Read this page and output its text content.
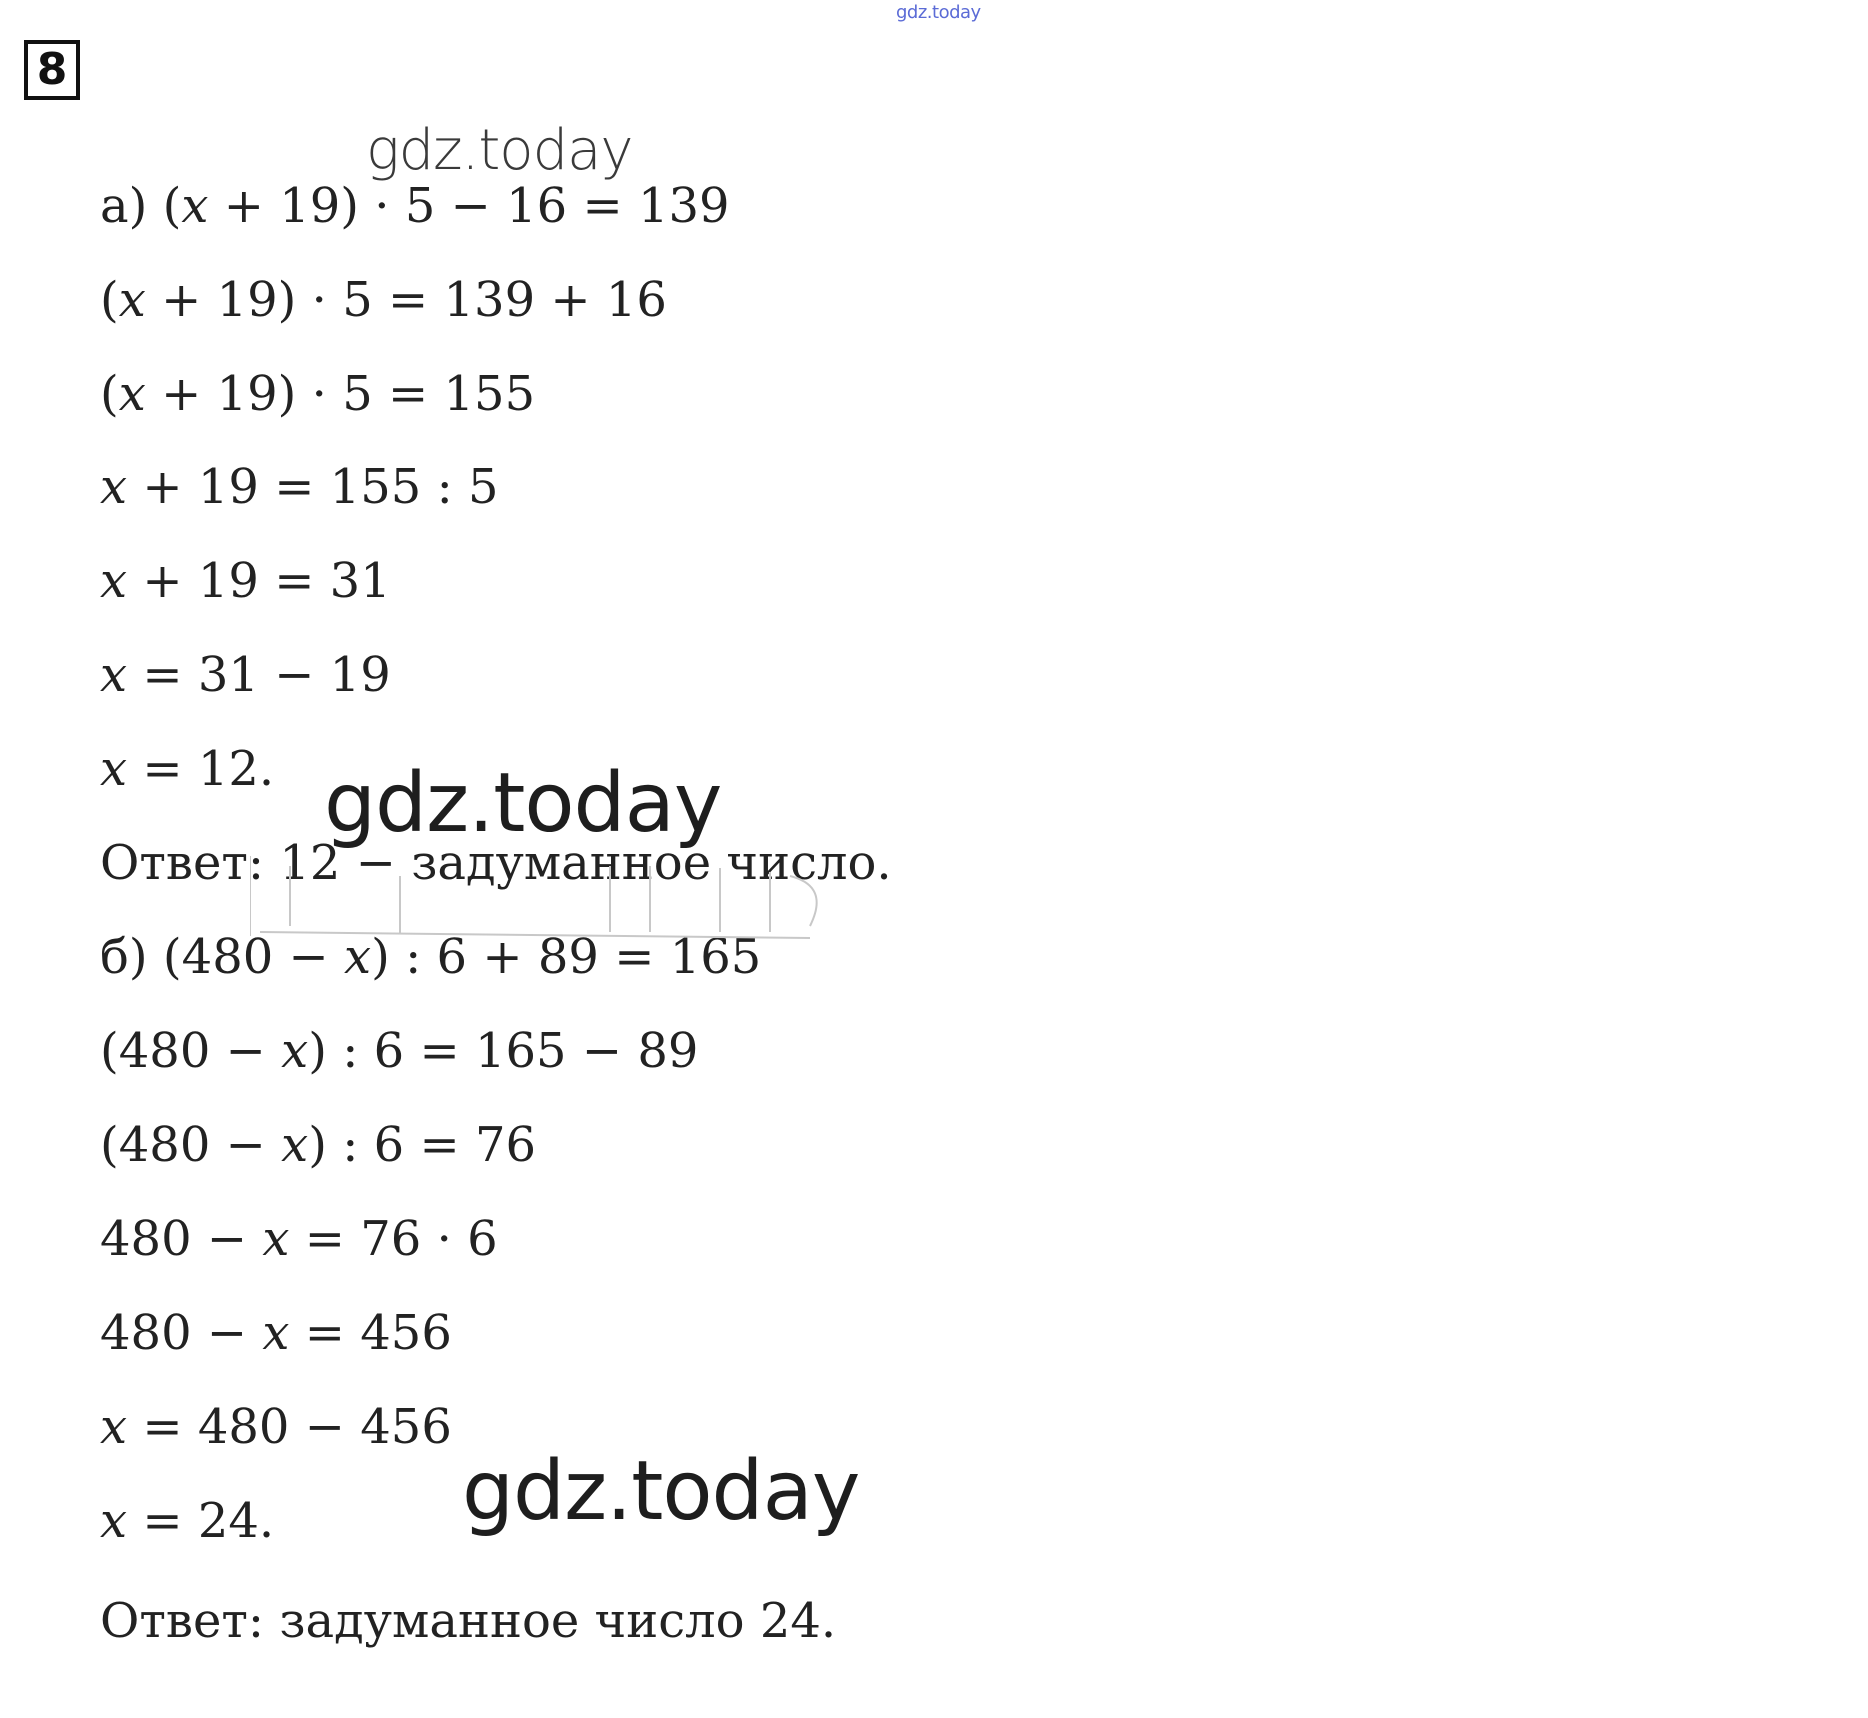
gdz.today
8
а) (x + 19) · 5 − 16 = 139
(x + 19) · 5 = 139 + 16
(x + 19) · 5 = 155
x + 19 = 155 : 5
x + 19 = 31
x = 31 − 19
x = 12.
Ответ: 12 − задуманное число.
б) (480 − x) : 6 + 89 = 165
(480 − x) : 6 = 165 − 89
(480 − x) : 6 = 76
480 − x = 76 · 6
480 − x = 456
x = 480 − 456
x = 24.
Ответ: задуманное число 24.
gdz.today
gdz.today
gdz.today
